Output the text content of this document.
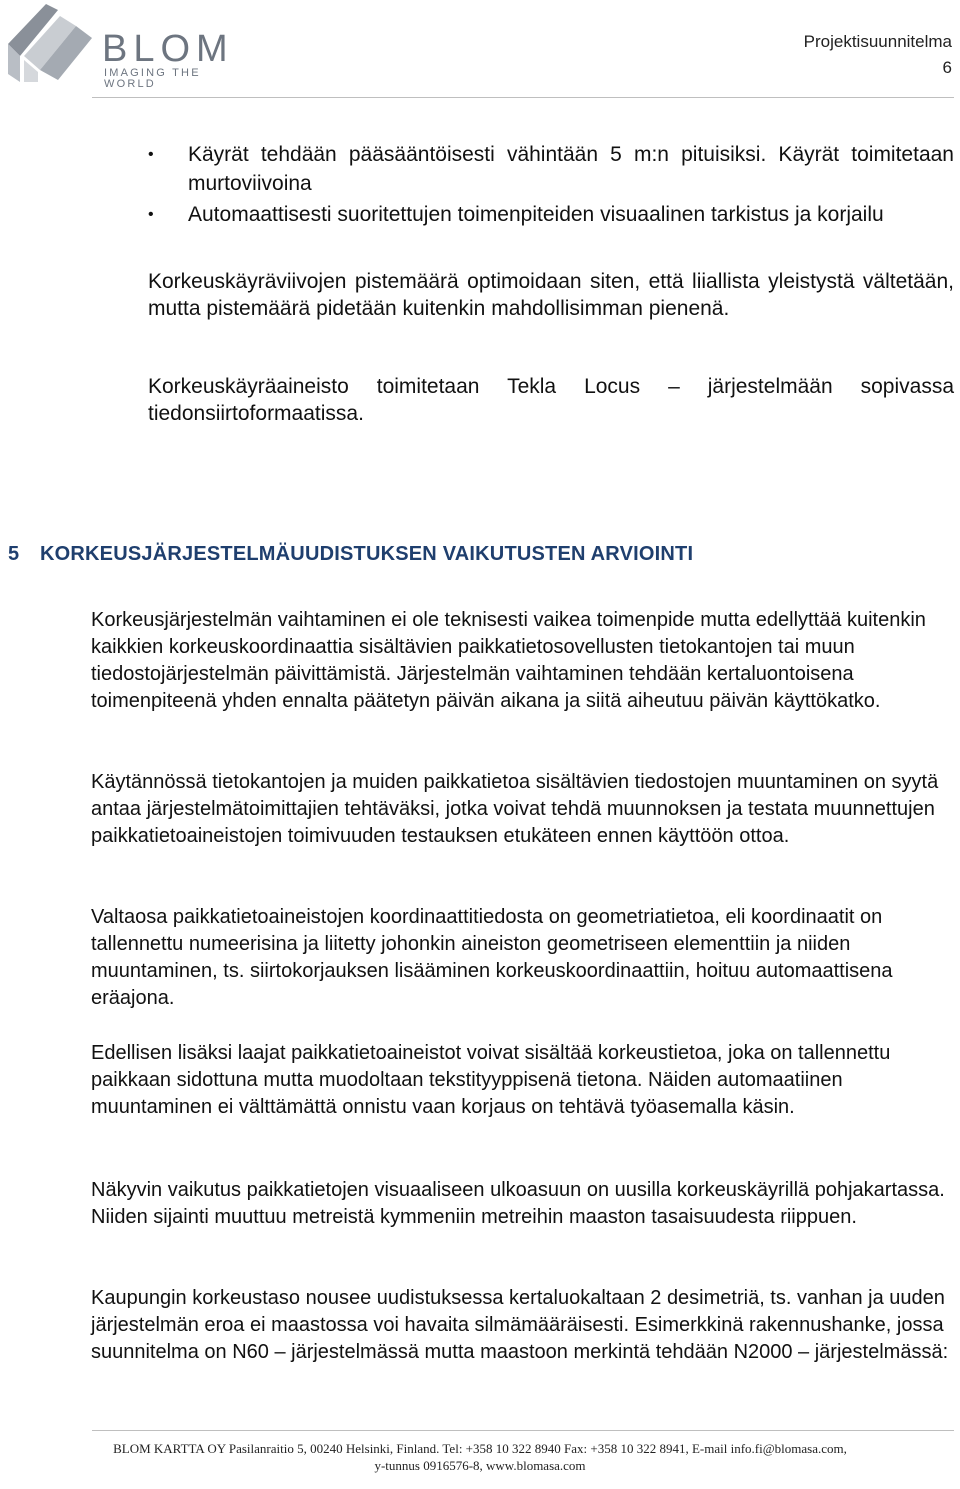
BLOM
IMAGING THE WORLD
Projektisuunnitelma
6
• Käyrät tehdään pääsääntöisesti vähintään 5 m:n pituisiksi. Käyrät toimitetaan murtoviivoina
• Automaattisesti suoritettujen toimenpiteiden visuaalinen tarkistus ja korjailu

Korkeuskäyräviivojen pistemäärä optimoidaan siten, että liiallista yleistystä vältetään, mutta pistemäärä pidetään kuitenkin mahdollisimman pienenä.

Korkeuskäyräaineisto toimitetaan Tekla Locus – järjestelmään sopivassa tiedonsiirtoformaatissa.

5 KORKEUSJÄRJESTELMÄUUDISTUKSEN VAIKUTUSTEN ARVIOINTI

Korkeusjärjestelmän vaihtaminen ei ole teknisesti vaikea toimenpide mutta edellyttää kuitenkin kaikkien korkeuskoordinaattia sisältävien paikkatietosovellusten tietokantojen tai muun tiedostojärjestelmän päivittämistä. Järjestelmän vaihtaminen tehdään kertaluontoisena toimenpiteenä yhden ennalta päätetyn päivän aikana ja siitä aiheutuu päivän käyttökatko.

Käytännössä tietokantojen ja muiden paikkatietoa sisältävien tiedostojen muuntaminen on syytä antaa järjestelmätoimittajien tehtäväksi, jotka voivat tehdä muunnoksen ja testata muunnettujen paikkatietoaineistojen toimivuuden testauksen etukäteen ennen käyttöön ottoa.

Valtaosa paikkatietoaineistojen koordinaattitiedosta on geometriatietoa, eli koordinaatit on tallennettu numeerisina ja liitetty johonkin aineiston geometriseen elementtiin ja niiden muuntaminen, ts. siirtokorjauksen lisääminen korkeuskoordinaattiin, hoituu automaattisena eräajona.

Edellisen lisäksi laajat paikkatietoaineistot voivat sisältää korkeustietoa, joka on tallennettu paikkaan sidottuna mutta muodoltaan tekstityyppisenä tietona. Näiden automaatiinen muuntaminen ei välttämättä onnistu vaan korjaus on tehtävä työasemalla käsin.

Näkyvin vaikutus paikkatietojen visuaaliseen ulkoasuun on uusilla korkeuskäyrillä pohjakartassa. Niiden sijainti muuttuu metreistä kymmeniin metreihin maaston tasaisuudesta riippuen.

Kaupungin korkeustaso nousee uudistuksessa kertaluokaltaan 2 desimetriä, ts. vanhan ja uuden järjestelmän eroa ei maastossa voi havaita silmämääräisesti. Esimerkkinä rakennushanke, jossa suunnitelma on N60 – järjestelmässä mutta maastoon merkintä tehdään N2000 – järjestelmässä:

BLOM KARTTA OY Pasilanraitio 5, 00240 Helsinki, Finland. Tel: +358 10 322 8940 Fax: +358 10 322 8941, E-mail info.fi@blomasa.com,
y-tunnus 0916576-8, www.blomasa.com
